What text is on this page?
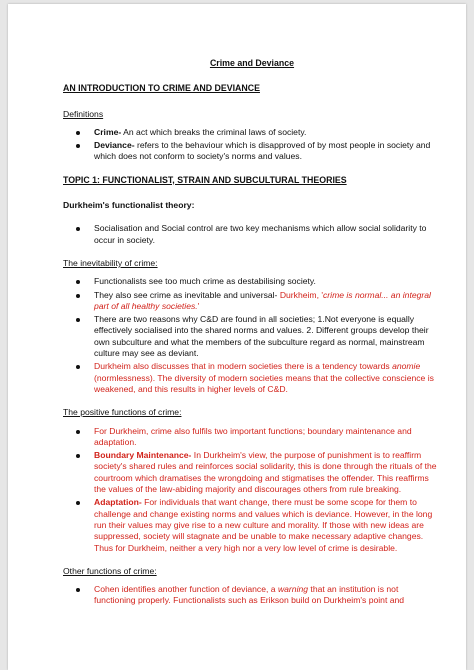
Crime and Deviance
AN INTRODUCTION TO CRIME AND DEVIANCE
Definitions
Crime- An act which breaks the criminal laws of society.
Deviance- refers to the behaviour which is disapproved of by most people in society and which does not conform to society's norms and values.
TOPIC 1: FUNCTIONALIST, STRAIN AND SUBCULTURAL THEORIES
Durkheim's functionalist theory:
Socialisation and Social control are two key mechanisms which allow social solidarity to occur in society.
The inevitability of crime:
Functionalists see too much crime as destabilising society.
They also see crime as inevitable and universal- Durkheim, 'crime is normal... an integral part of all healthy societies.'
There are two reasons why C&D are found in all societies; 1.Not everyone is equally effectively socialised into the shared norms and values. 2. Different groups develop their own subculture and what the members of the subculture regard as normal, mainstream culture may see as deviant.
Durkheim also discusses that in modern societies there is a tendency towards anomie (normlessness). The diversity of modern societies means that the collective conscience is weakened, and this results in higher levels of C&D.
The positive functions of crime:
For Durkheim, crime also fulfils two important functions; boundary maintenance and adaptation.
Boundary Maintenance- In Durkheim's view, the purpose of punishment is to reaffirm society's shared rules and reinforces social solidarity, this is done through the rituals of the courtroom which dramatises the wrongdoing and stigmatises the offender. This reaffirms the values of the law-abiding majority and discourages others from rule breaking.
Adaptation- For individuals that want change, there must be some scope for them to challenge and change existing norms and values which is deviance. However, in the long run their values may give rise to a new culture and morality. If those with new ideas are suppressed, society will stagnate and be unable to make necessary adaptive changes. Thus for Durkheim, neither a very high nor a very low level of crime is desirable.
Other functions of crime:
Cohen identifies another function of deviance, a warning that an institution is not functioning properly. Functionalists such as Erikson build on Durkheim's point and
